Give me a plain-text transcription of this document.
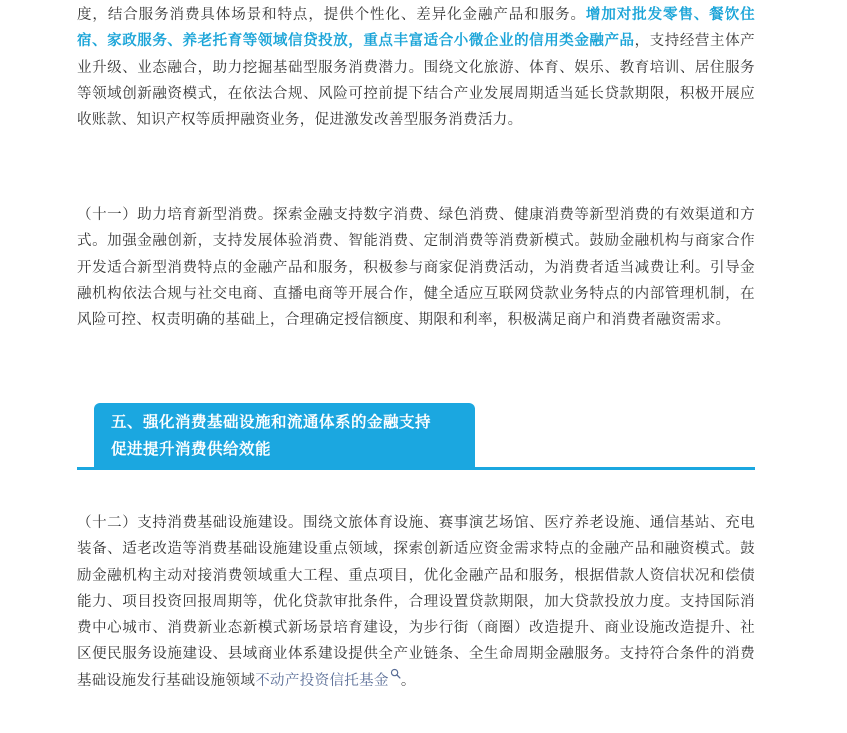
度，结合服务消费具体场景和特点，提供个性化、差异化金融产品和服务。增加对批发零售、餐饮住宿、家政服务、养老托育等领域信贷投放，重点丰富适合小微企业的信用类金融产品，支持经营主体产业升级、业态融合，助力挖掘基础型服务消费潜力。围绕文化旅游、体育、娱乐、教育培训、居住服务等领域创新融资模式，在依法合规、风险可控前提下结合产业发展周期适当延长贷款期限，积极开展应收账款、知识产权等质押融资业务，促进激发改善型服务消费活力。

（十一）助力培育新型消费。探索金融支持数字消费、绿色消费、健康消费等新型消费的有效渠道和方式。加强金融创新，支持发展体验消费、智能消费、定制消费等消费新模式。鼓励金融机构与商家合作开发适合新型消费特点的金融产品和服务，积极参与商家促消费活动，为消费者适当减费让利。引导金融机构依法合规与社交电商、直播电商等开展合作，健全适应互联网贷款业务特点的内部管理机制，在风险可控、权责明确的基础上，合理确定授信额度、期限和利率，积极满足商户和消费者融资需求。

五、强化消费基础设施和流通体系的金融支持
促进提升消费供给效能

（十二）支持消费基础设施建设。围绕文旅体育设施、赛事演艺场馆、医疗养老设施、通信基站、充电装备、适老改造等消费基础设施建设重点领域，探索创新适应资金需求特点的金融产品和融资模式。鼓励金融机构主动对接消费领域重大工程、重点项目，优化金融产品和服务，根据借款人资信状况和偿债能力、项目投资回报周期等，优化贷款审批条件，合理设置贷款期限，加大贷款投放力度。支持国际消费中心城市、消费新业态新模式新场景培育建设，为步行街（商圈）改造提升、商业设施改造提升、社区便民服务设施建设、县域商业体系建设提供全产业链条、全生命周期金融服务。支持符合条件的消费基础设施发行基础设施领域不动产投资信托基金 。
